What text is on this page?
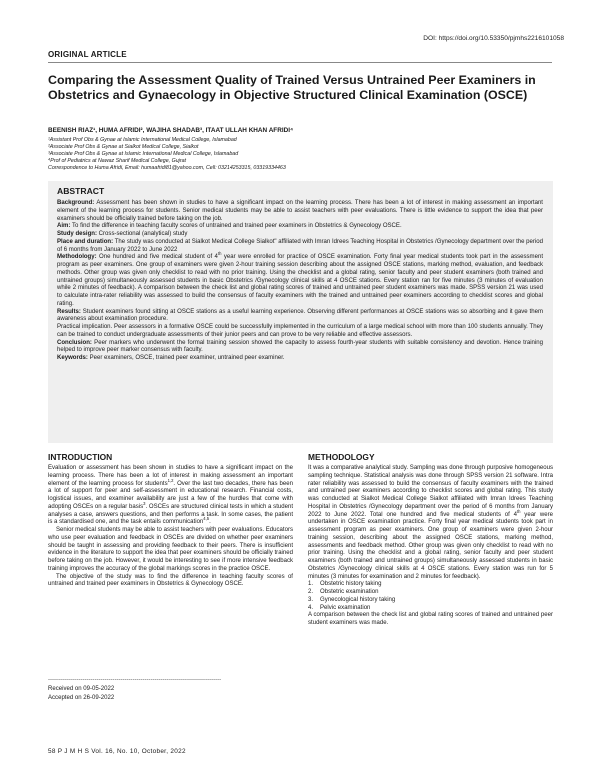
DOI: https://doi.org/10.53350/pjmhs2216101058
ORIGINAL ARTICLE
Comparing the Assessment Quality of Trained Versus Untrained Peer Examiners in Obstetrics and Gynaecology in Objective Structured Clinical Examination (OSCE)
BEENISH RIAZ¹, HUMA AFRIDI², WAJIHA SHADAB³, ITAAT ULLAH KHAN AFRIDI⁴
¹Assistant Prof Obs & Gynae at Islamic International Medical College, Islamabad
²Associate Prof Obs & Gynae at Sialkot Medical College, Sialkot
³Associate Prof Obs & Gynae at Islamic International Medical College, Islamabad
⁴Prof of Pediatrics at Nawaz Sharif Medical College, Gujrat
Correspondence to Huma Afridi, Email: humaafridi81@yahoo.com, Cell: 03214253315, 03319334463
ABSTRACT

Background: Assessment has been shown in studies to have a significant impact on the learning process. There has been a lot of interest in making assessment an important element of the learning process for students. Senior medical students may be able to assist teachers with peer evaluations. There is little evidence to support the idea that peer examiners should be officially trained before taking on the job.

Aim: To find the difference in teaching faculty scores of untrained and trained peer examiners in Obstetrics & Gynecology OSCE.

Study design: Cross-sectional (analytical) study

Place and duration: The study was conducted at Sialkot Medical College Sialkot" affiliated with Imran Idrees Teaching Hospital in Obstetrics /Gynecology department over the period of 6 months from January 2022 to June 2022

Methodology: One hundred and five medical student of 4th year were enrolled for practice of OSCE examination. Forty final year medical students took part in the assessment program as peer examiners. One group of examiners were given 2-hour training session describing about the assigned OSCE stations, marking method, evaluation, and feedback methods. Other group was given only checklist to read with no prior training. Using the checklist and a global rating, senior faculty and peer student examiners (both trained and untrained groups) simultaneously assessed students in basic Obstetrics /Gynecology clinical skills at 4 OSCE stations. Every station ran for five minutes (3 minutes of evaluation while 2 minutes of feedback). A comparison between the check list and global rating scores of trained and untrained peer student examiners was made. SPSS version 21 was used to calculate intra-rater reliability was assessed to build the consensus of faculty examiners with the trained and untrained peer examiners according to checklist scores and global rating.

Results: Student examiners found sitting at OSCE stations as a useful learning experience. Observing different performances at OSCE stations was so absorbing and it gave them awareness about examination procedure.

Practical implication. Peer assessors in a formative OSCE could be successfully implemented in the curriculum of a large medical school with more than 100 students annually. They can be trained to conduct undergraduate assessments of their junior peers and can prove to be very reliable and effective assessors.

Conclusion: Peer markers who underwent the formal training session showed the capacity to assess fourth-year students with suitable consistency and devotion. Hence training helped to improve peer marker consensus with faculty.

Keywords: Peer examiners, OSCE, trained peer examiner, untrained peer examiner.

INTRODUCTION

Evaluation or assessment has been shown in studies to have a significant impact on the learning process. There has been a lot of interest in making assessment an important element of the learning process for students$^{1,2}$. Over the last two decades, there has been a lot of support for peer and self-assessment in educational research. Financial costs, logistical issues, and examiner availability are just a few of the hurdles that come with adopting OSCEs on a regular basis$^3$. OSCEs are structured clinical tests in which a student analyses a case, answers questions, and then performs a task. In some cases, the patient is a standardised one, and the task entails communication$^{4,5}$.

Senior medical students may be able to assist teachers with peer evaluations. Educators who use peer evaluation and feedback in OSCEs are divided on whether peer examiners should be taught in assessing and providing feedback to their peers. There is insufficient evidence in the literature to support the idea that peer examiners should be officially trained before taking on the job. However, it would be interesting to see if more intensive feedback training improves the accuracy of the global markings scores in the practice OSCE.

The objective of the study was to find the difference in teaching faculty scores of untrained and trained peer examiners in Obstetrics & Gynecology OSCE.

--------------------------------------------------------------------------------------
Received on 09-05-2022
Accepted on 26-09-2022
METHODOLOGY

It was a comparative analytical study. Sampling was done through purposive homogeneous sampling technique. Statistical analysis was done through SPSS version 21 software. Intra rater reliability was assessed to build the consensus of faculty examiners with the trained and untrained peer examiners according to checklist scores and global rating. This study was conducted at Sialkot Medical College Sialkot affiliated with Imran Idrees Teaching Hospital in Obstetrics /Gynecology department over the period of 6 months from January 2022 to June 2022. Total one hundred and five medical students of 4th year were undertaken in OSCE examination practice. Forty final year medical students took part in assessment program as peer examiners. One group of examiners were given 2-hour training session, describing about the assigned OSCE stations, marking method, assessments and feedback method. Other group was given only checklist to read with no prior training. Using the checklist and a global rating, senior faculty and peer student examiners (both trained and untrained groups) simultaneously assessed students in basic Obstetrics /Gynecology clinical skills at 4 OSCE stations. Every station was run for 5 minutes (3 minutes for examination and 2 minutes for feedback).

1.	Obstetric history taking
2.	Obstetric examination
3.	Gynecological history taking
4.	Pelvic examination

A comparison between the check list and global rating scores of trained and untrained peer student examiners was made.

58 P J M H S Vol. 16, No. 10, October, 2022
